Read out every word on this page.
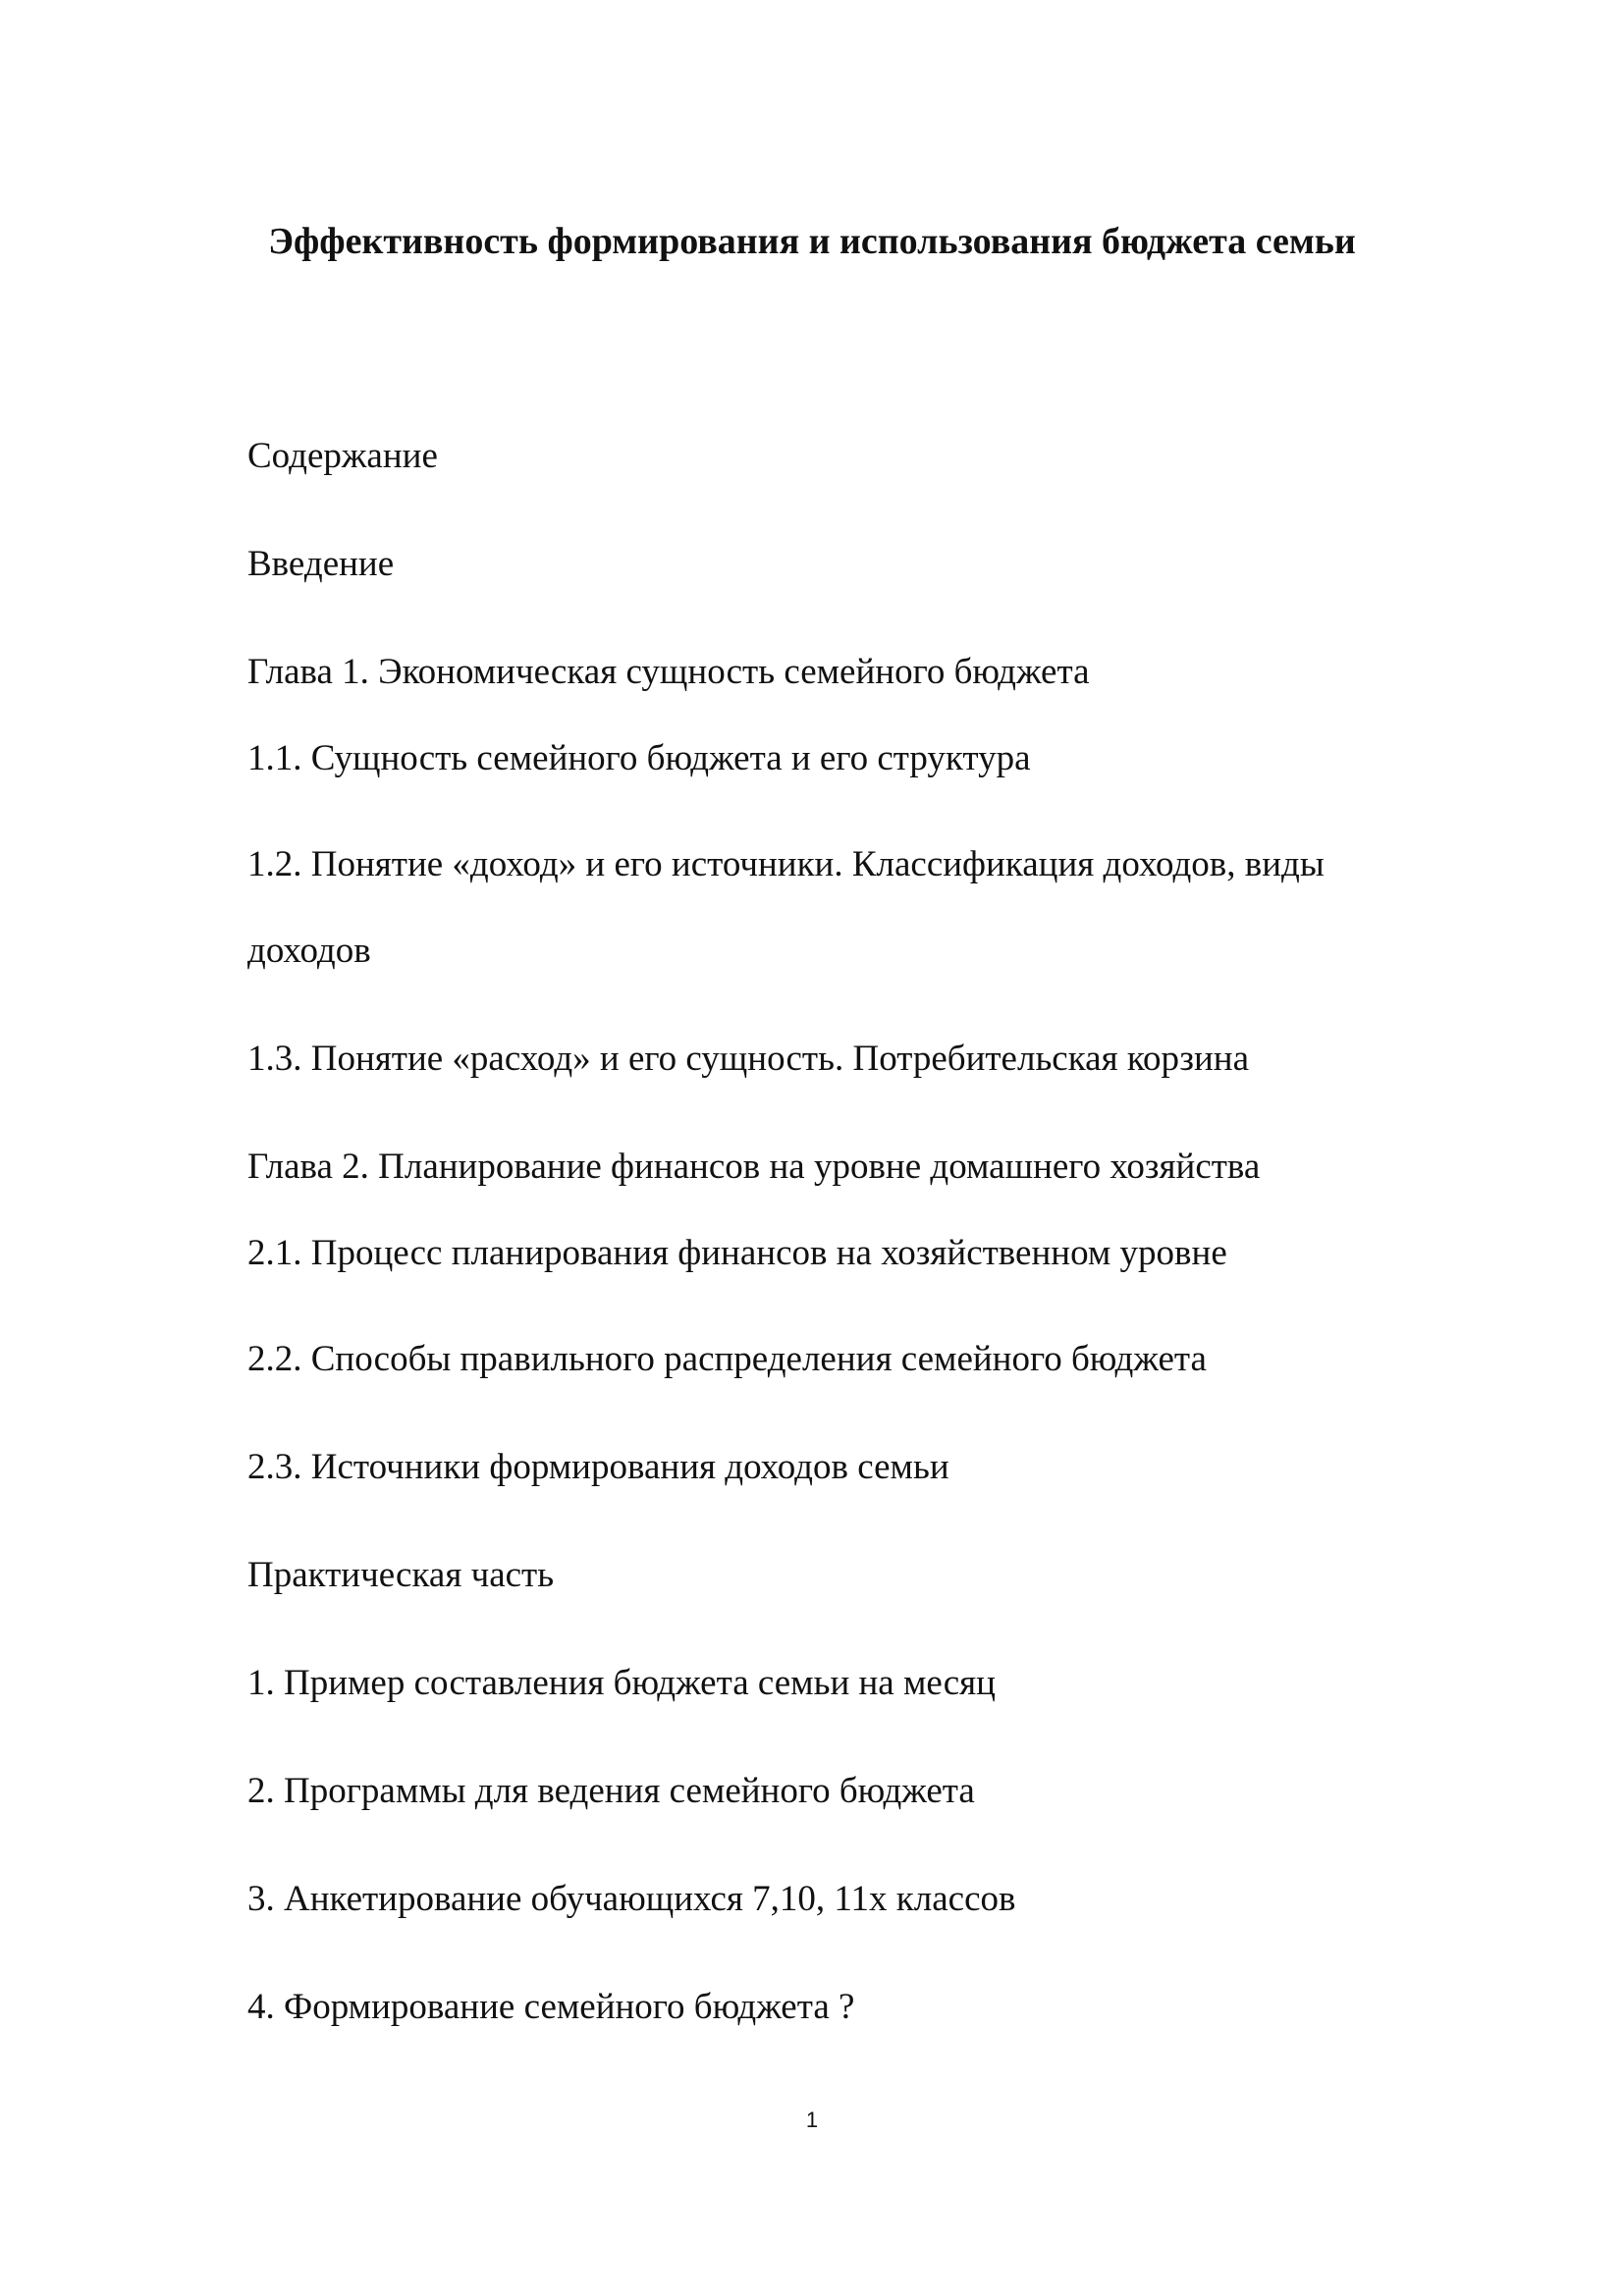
Эффективность формирования и использования бюджета семьи
Содержание
Введение
Глава 1. Экономическая сущность семейного бюджета
1.1. Сущность семейного бюджета и его структура
1.2. Понятие «доход» и его источники. Классификация доходов, виды
доходов
1.3. Понятие «расход» и его сущность. Потребительская корзина
Глава 2. Планирование финансов на уровне домашнего хозяйства
2.1. Процесс планирования финансов на хозяйственном уровне
2.2. Способы правильного распределения семейного бюджета
2.3. Источники формирования доходов семьи
Практическая часть
1. Пример составления бюджета семьи на месяц
2. Программы для ведения семейного бюджета
3. Анкетирование обучающихся 7,10, 11х классов
4. Формирование семейного бюджета ?
1
